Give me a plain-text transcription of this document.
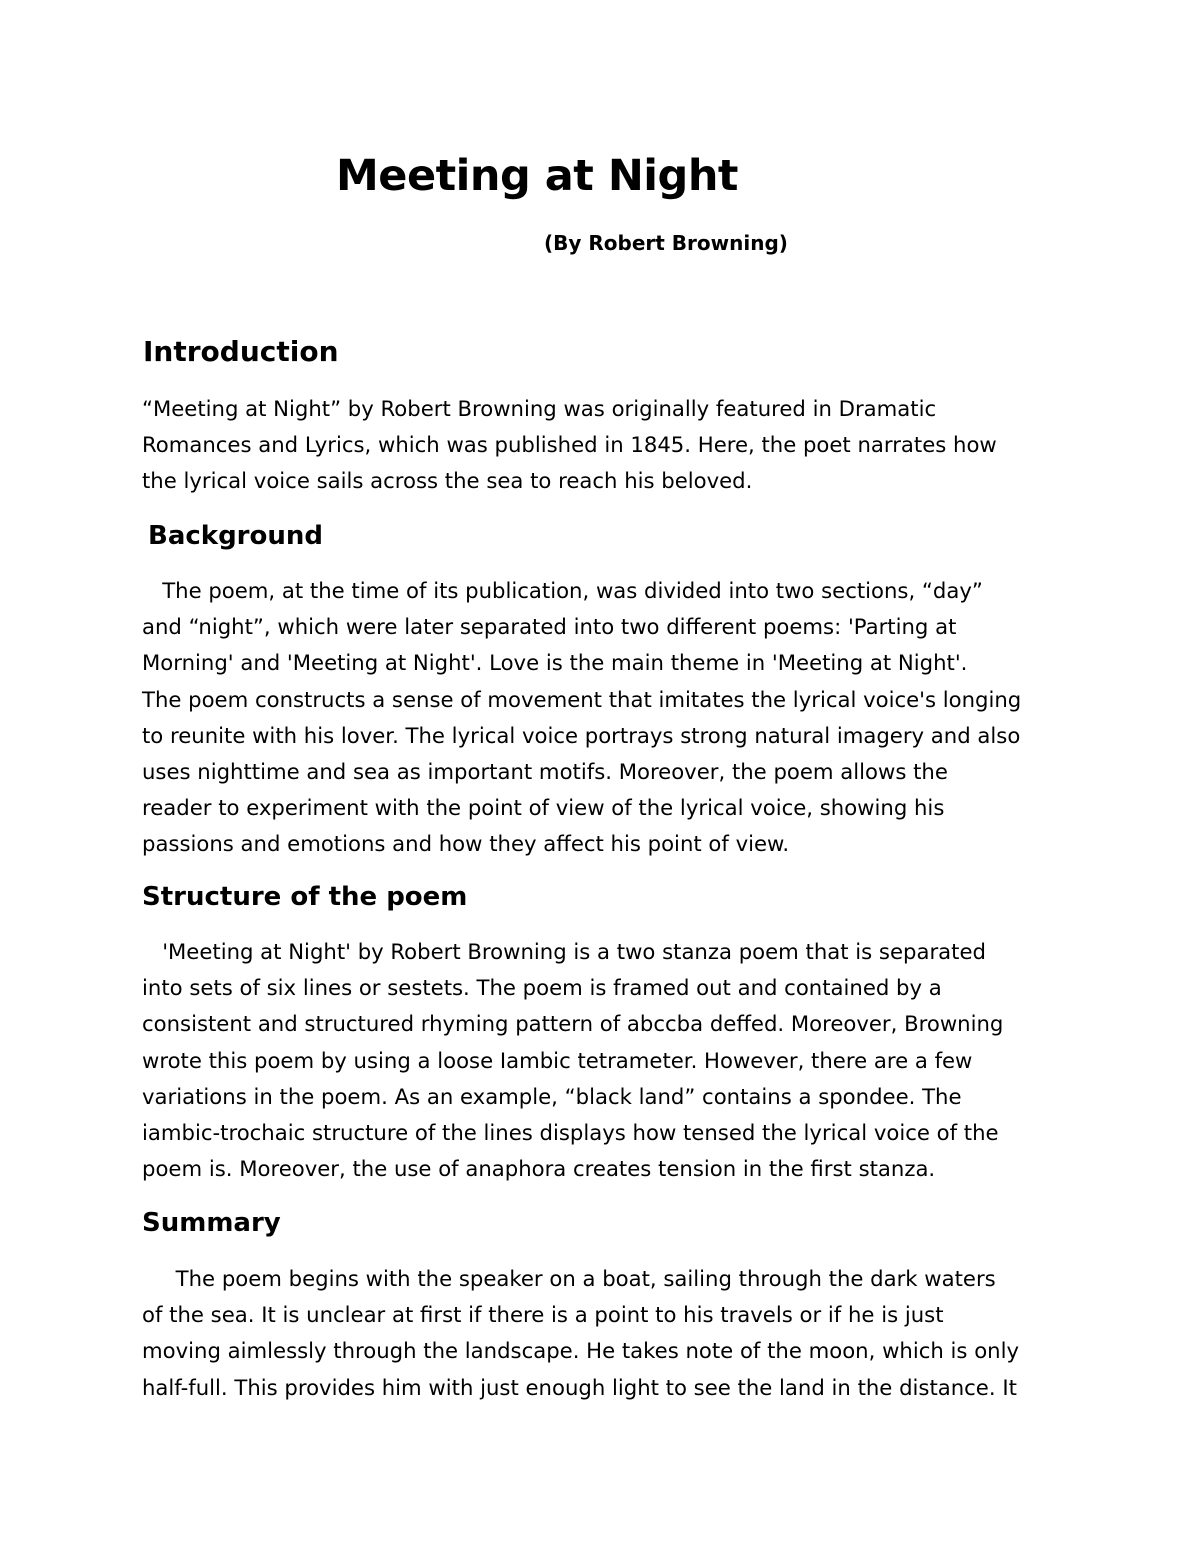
Meeting at Night

(By Robert Browning)

Introduction

“Meeting at Night” by Robert Browning was originally featured in Dramatic
Romances and Lyrics, which was published in 1845. Here, the poet narrates how
the lyrical voice sails across the sea to reach his beloved.

Background

The poem, at the time of its publication, was divided into two sections, “day”
and “night”, which were later separated into two different poems: 'Parting at
Morning' and 'Meeting at Night'. Love is the main theme in 'Meeting at Night'.
The poem constructs a sense of movement that imitates the lyrical voice's longing
to reunite with his lover. The lyrical voice portrays strong natural imagery and also
uses nighttime and sea as important motifs. Moreover, the poem allows the
reader to experiment with the point of view of the lyrical voice, showing his
passions and emotions and how they affect his point of view.

Structure of the poem

'Meeting at Night' by Robert Browning is a two stanza poem that is separated
into sets of six lines or sestets. The poem is framed out and contained by a
consistent and structured rhyming pattern of abccba deffed. Moreover, Browning
wrote this poem by using a loose Iambic tetrameter. However, there are a few
variations in the poem. As an example, “black land” contains a spondee. The
iambic-trochaic structure of the lines displays how tensed the lyrical voice of the
poem is. Moreover, the use of anaphora creates tension in the first stanza.

Summary

The poem begins with the speaker on a boat, sailing through the dark waters
of the sea. It is unclear at first if there is a point to his travels or if he is just
moving aimlessly through the landscape. He takes note of the moon, which is only
half-full. This provides him with just enough light to see the land in the distance. It
